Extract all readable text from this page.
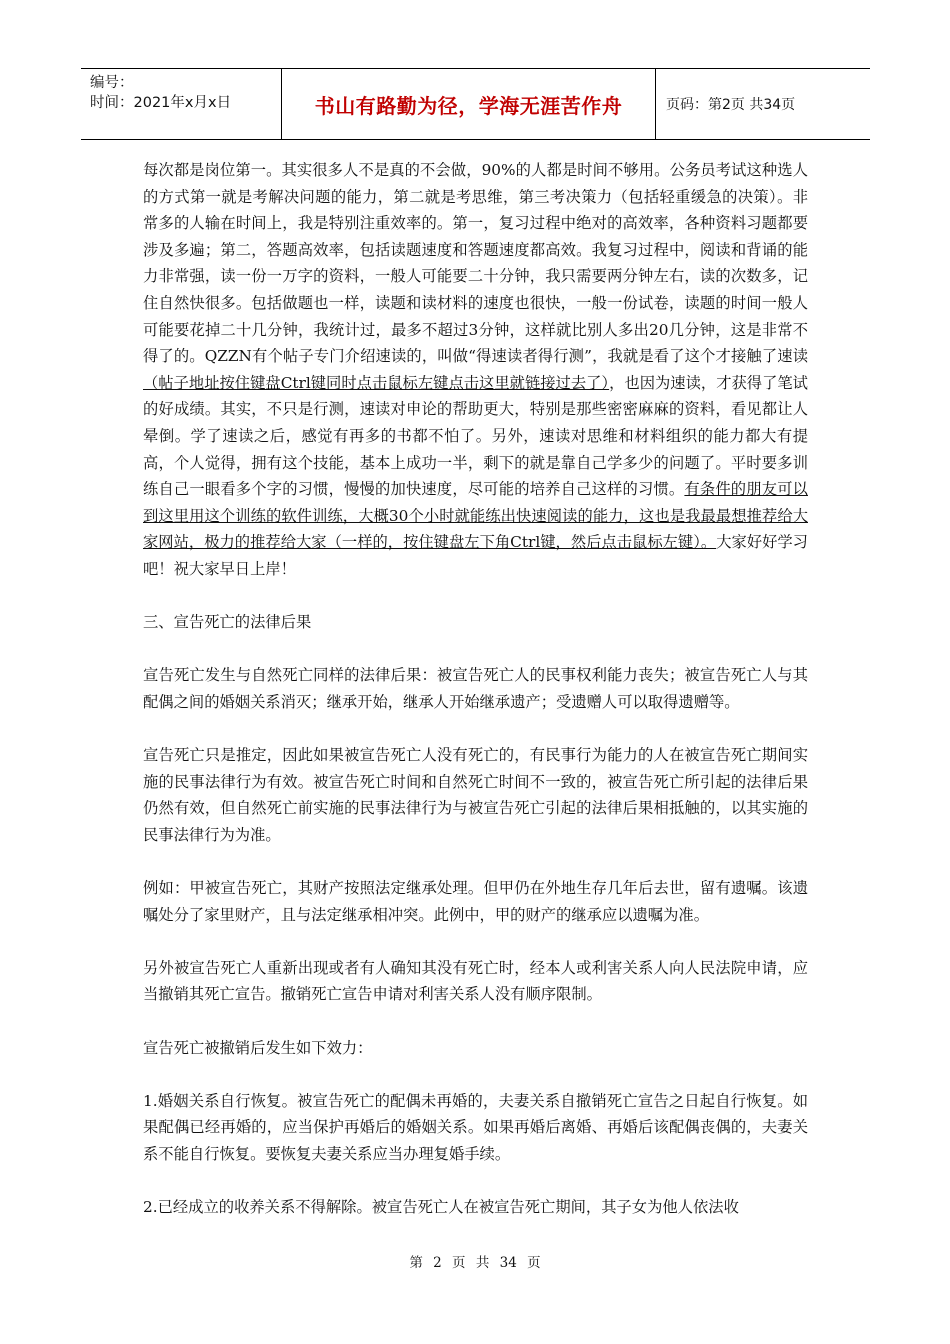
编号：
时间：2021年x月x日	书山有路勤为径，学海无涯苦作舟	页码：第2页 共34页

每次都是岗位第一。其实很多人不是真的不会做，90%的人都是时间不够用。公务员考试这种选人的方式第一就是考解决问题的能力，第二就是考思维，第三考决策力（包括轻重缓急的决策）。非常多的人输在时间上，我是特别注重效率的。第一，复习过程中绝对的高效率，各种资料习题都要涉及多遍；第二，答题高效率，包括读题速度和答题速度都高效。我复习过程中，阅读和背诵的能力非常强，读一份一万字的资料，一般人可能要二十分钟，我只需要两分钟左右，读的次数多，记住自然快很多。包括做题也一样，读题和读材料的速度也很快，一般一份试卷，读题的时间一般人可能要花掉二十几分钟，我统计过，最多不超过3分钟，这样就比别人多出20几分钟，这是非常不得了的。QZZN有个帖子专门介绍速读的，叫做“得速读者得行测”，我就是看了这个才接触了速读（帖子地址按住键盘Ctrl键同时点击鼠标左键点击这里就链接过去了），也因为速读，才获得了笔试的好成绩。其实，不只是行测，速读对申论的帮助更大，特别是那些密密麻麻的资料，看见都让人晕倒。学了速读之后，感觉有再多的书都不怕了。另外，速读对思维和材料组织的能力都大有提高，个人觉得，拥有这个技能，基本上成功一半，剩下的就是靠自己学多少的问题了。平时要多训练自己一眼看多个字的习惯，慢慢的加快速度，尽可能的培养自己这样的习惯。有条件的朋友可以到这里用这个训练的软件训练，大概30个小时就能练出快速阅读的能力，这也是我最最想推荐给大家网站，极力的推荐给大家（一样的，按住键盘左下角Ctrl键，然后点击鼠标左键）。大家好好学习吧！祝大家早日上岸！

三、宣告死亡的法律后果

宣告死亡发生与自然死亡同样的法律后果：被宣告死亡人的民事权利能力丧失；被宣告死亡人与其配偶之间的婚姻关系消灭；继承开始，继承人开始继承遗产；受遗赠人可以取得遗赠等。

宣告死亡只是推定，因此如果被宣告死亡人没有死亡的，有民事行为能力的人在被宣告死亡期间实施的民事法律行为有效。被宣告死亡时间和自然死亡时间不一致的，被宣告死亡所引起的法律后果仍然有效，但自然死亡前实施的民事法律行为与被宣告死亡引起的法律后果相抵触的，以其实施的民事法律行为为准。

例如：甲被宣告死亡，其财产按照法定继承处理。但甲仍在外地生存几年后去世，留有遗嘱。该遗嘱处分了家里财产，且与法定继承相冲突。此例中，甲的财产的继承应以遗嘱为准。

另外被宣告死亡人重新出现或者有人确知其没有死亡时，经本人或利害关系人向人民法院申请，应当撤销其死亡宣告。撤销死亡宣告申请对利害关系人没有顺序限制。

宣告死亡被撤销后发生如下效力：

1.婚姻关系自行恢复。被宣告死亡的配偶未再婚的，夫妻关系自撤销死亡宣告之日起自行恢复。如果配偶已经再婚的，应当保护再婚后的婚姻关系。如果再婚后离婚、再婚后该配偶丧偶的，夫妻关系不能自行恢复。要恢复夫妻关系应当办理复婚手续。

2.已经成立的收养关系不得解除。被宣告死亡人在被宣告死亡期间，其子女为他人依法收

第 2 页 共 34 页
